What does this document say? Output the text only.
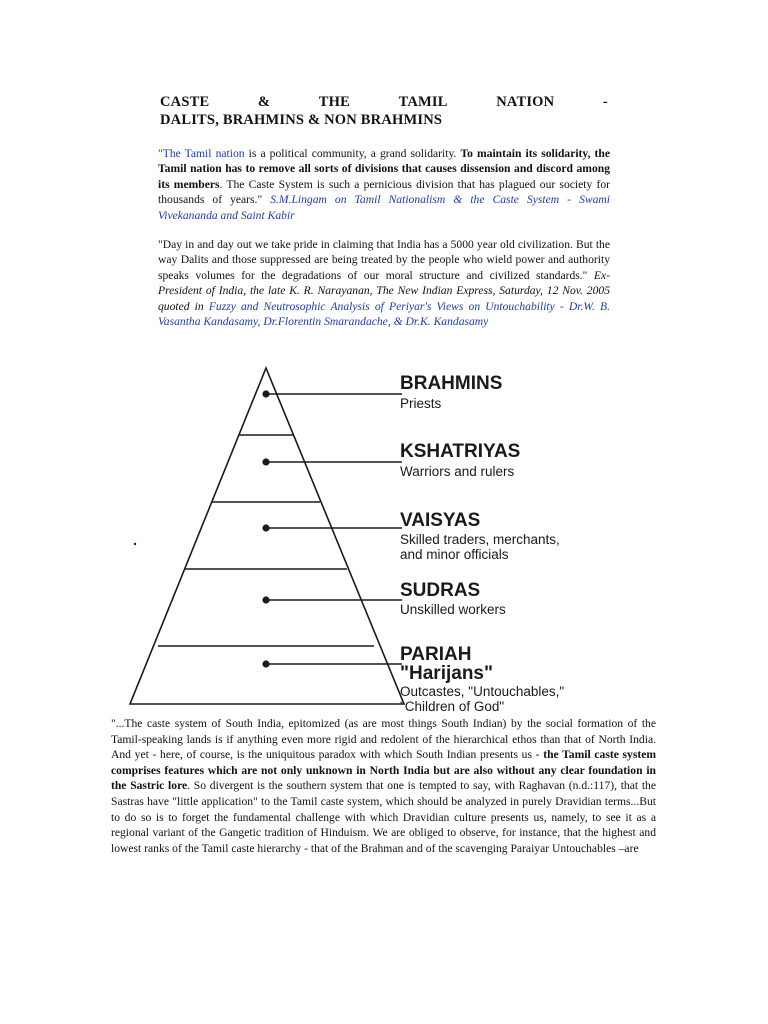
CASTE	&	THE	TAMIL	NATION	-
DALITS, BRAHMINS & NON BRAHMINS

"The Tamil nation is a political community, a grand solidarity. To maintain its solidarity, the Tamil nation has to remove all sorts of divisions that causes dissension and discord among its members. The Caste System is such a pernicious division that has plagued our society for thousands of years." S.M.Lingam on Tamil Nationalism & the Caste System - Swami Vivekananda and Saint Kabir

"Day in and day out we take pride in claiming that India has a 5000 year old civilization. But the way Dalits and those suppressed are being treated by the people who wield power and authority speaks volumes for the degradations of our moral structure and civilized standards." Ex-President of India, the late K. R. Narayanan, The New Indian Express, Saturday, 12 Nov. 2005 quoted in Fuzzy and Neutrosophic Analysis of Periyar's Views on Untouchability - Dr.W. B. Vasantha Kandasamy, Dr.Florentin Smarandache, & Dr.K. Kandasamy

BRAHMINS
Priests
KSHATRIYAS
Warriors and rulers
VAISYAS
Skilled traders, merchants,
and minor officials
SUDRAS
Unskilled workers
PARIAH
"Harijans"
Outcastes, "Untouchables,"
"Children of God"

"...The caste system of South India, epitomized (as are most things South Indian) by the social formation of the Tamil-speaking lands is if anything even more rigid and redolent of the hierarchical ethos than that of North India. And yet - here, of course, is the uniquitous paradox with which South Indian presents us - the Tamil caste system comprises features which are not only unknown in North India but are also without any clear foundation in the Sastric lore. So divergent is the southern system that one is tempted to say, with Raghavan (n.d.:117), that the Sastras have "little application" to the Tamil caste system, which should be analyzed in purely Dravidian terms...But to do so is to forget the fundamental challenge with which Dravidian culture presents us, namely, to see it as a regional variant of the Gangetic tradition of Hinduism. We are obliged to observe, for instance, that the highest and lowest ranks of the Tamil caste hierarchy - that of the Brahman and of the scavenging Paraiyar Untouchables –are
